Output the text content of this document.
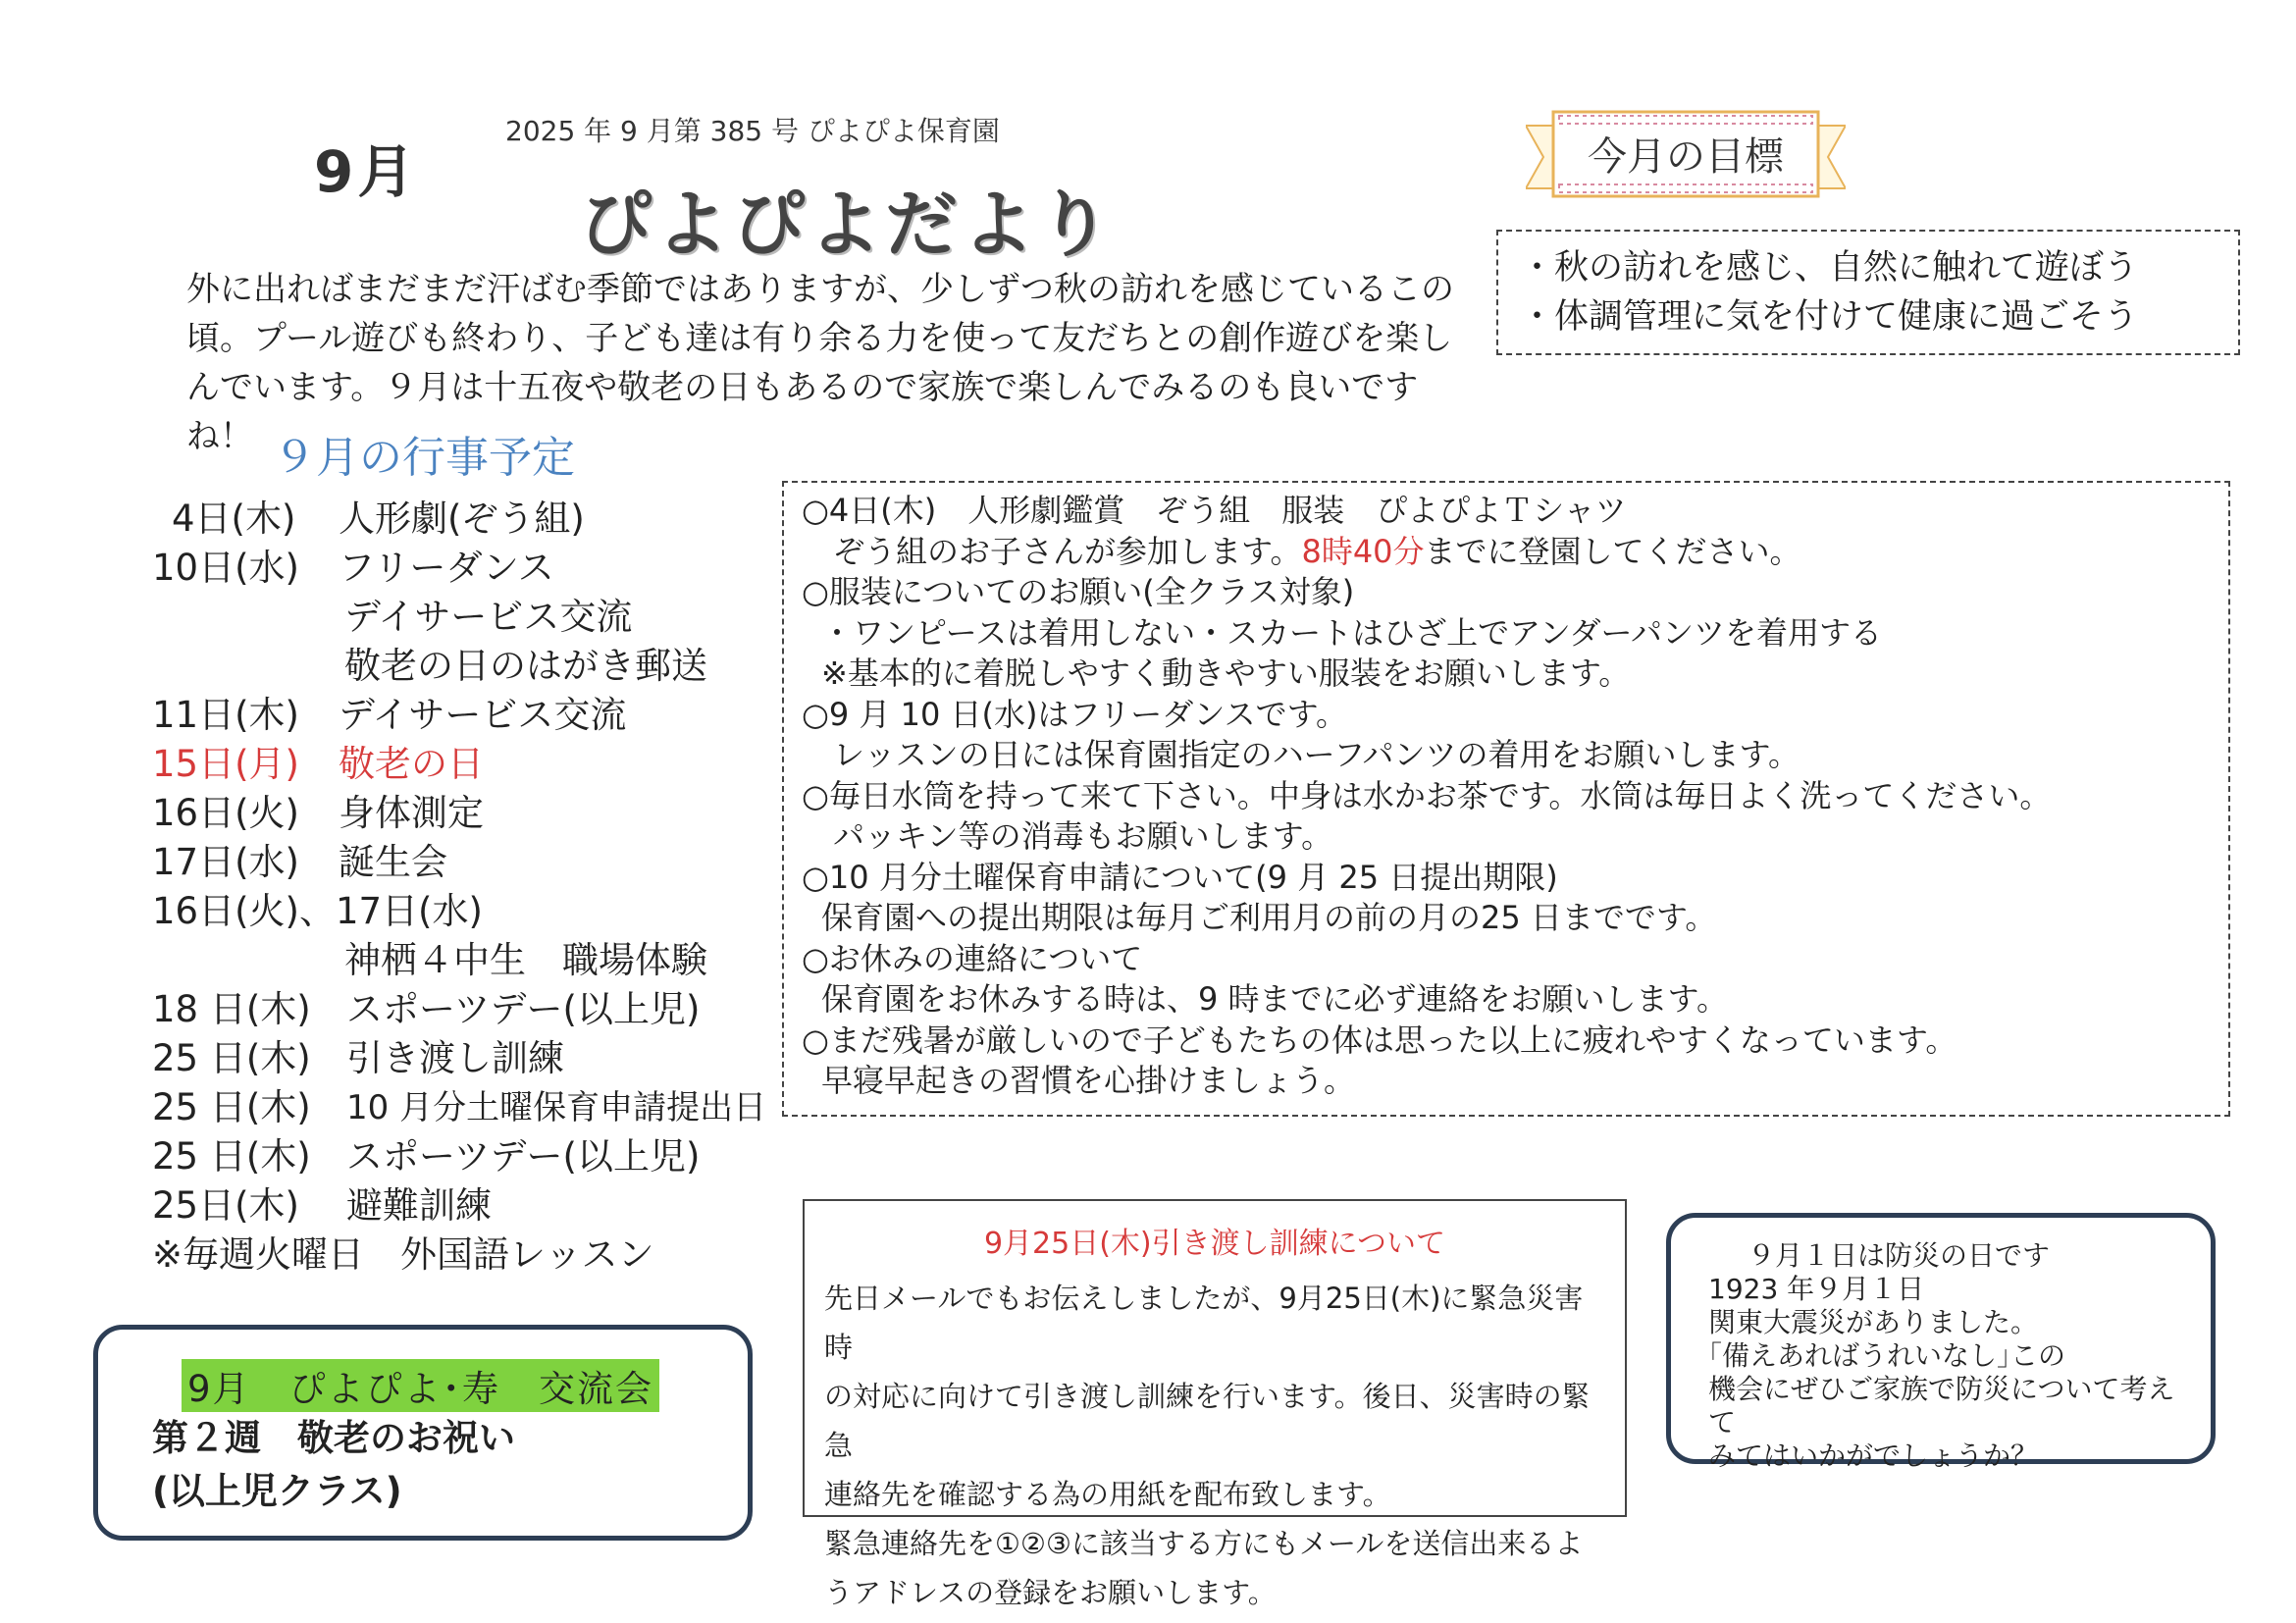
9月
2025 年 9 月第 385 号 ぴよぴよ保育園
ぴよぴよだより
外に出ればまだまだ汗ばむ季節ではありますが、少しずつ秋の訪れを感じているこの頃。プール遊びも終わり、子ども達は有り余る力を使って友だちとの創作遊びを楽しんでいます。９月は十五夜や敬老の日もあるので家族で楽しんでみるのも良いですね！
今月の目標
・秋の訪れを感じ、自然に触れて遊ぼう
・体調管理に気を付けて健康に過ごそう
９月の行事予定
4日(木)	人形劇(ぞう組)
10日(水)	フリーダンス
デイサービス交流
敬老の日のはがき郵送
11日(木)	デイサービス交流
15日(月)	敬老の日
16日(火)	身体測定
17日(水)	誕生会
16日(火)、17日(水)
神栖４中生　職場体験
18 日(木) スポーツデー(以上児)
25 日(木) 引き渡し訓練
25 日(木)	10 月分土曜保育申請提出日
25 日(木) スポーツデー(以上児)
25日(木)	避難訓練
※毎週火曜日　外国語レッスン
○4日(木)　人形劇鑑賞　ぞう組　服装　ぴよぴよＴシャツ
ぞう組のお子さんが参加します。8時40分までに登園してください。
○服装についてのお願い(全クラス対象)
・ワンピースは着用しない・スカートはひざ上でアンダーパンツを着用する
※基本的に着脱しやすく動きやすい服装をお願いします。
○9 月 10 日(水)はフリーダンスです。
レッスンの日には保育園指定のハーフパンツの着用をお願いします。
○毎日水筒を持って来て下さい。中身は水かお茶です。水筒は毎日よく洗ってください。
パッキン等の消毒もお願いします。
○10 月分土曜保育申請について(9 月 25 日提出期限)
保育園への提出期限は毎月ご利用月の前の月の25 日までです。
○お休みの連絡について
保育園をお休みする時は、9 時までに必ず連絡をお願いします。
○まだ残暑が厳しいので子どもたちの体は思った以上に疲れやすくなっています。
早寝早起きの習慣を心掛けましょう。
9月　ぴよぴよ･寿　交流会
第２週　敬老のお祝い
(以上児クラス)
9月25日(木)引き渡し訓練について
先日メールでもお伝えしましたが、9月25日(木)に緊急災害時
の対応に向けて引き渡し訓練を行います。後日、災害時の緊急
連絡先を確認する為の用紙を配布致します。
緊急連絡先を①②③に該当する方にもメールを送信出来るよ
うアドレスの登録をお願いします。
９月１日は防災の日です
1923 年９月１日
関東大震災がありました。
｢備えあればうれいなし｣この
機会にぜひご家族で防災について考えて
みてはいかがでしょうか？
